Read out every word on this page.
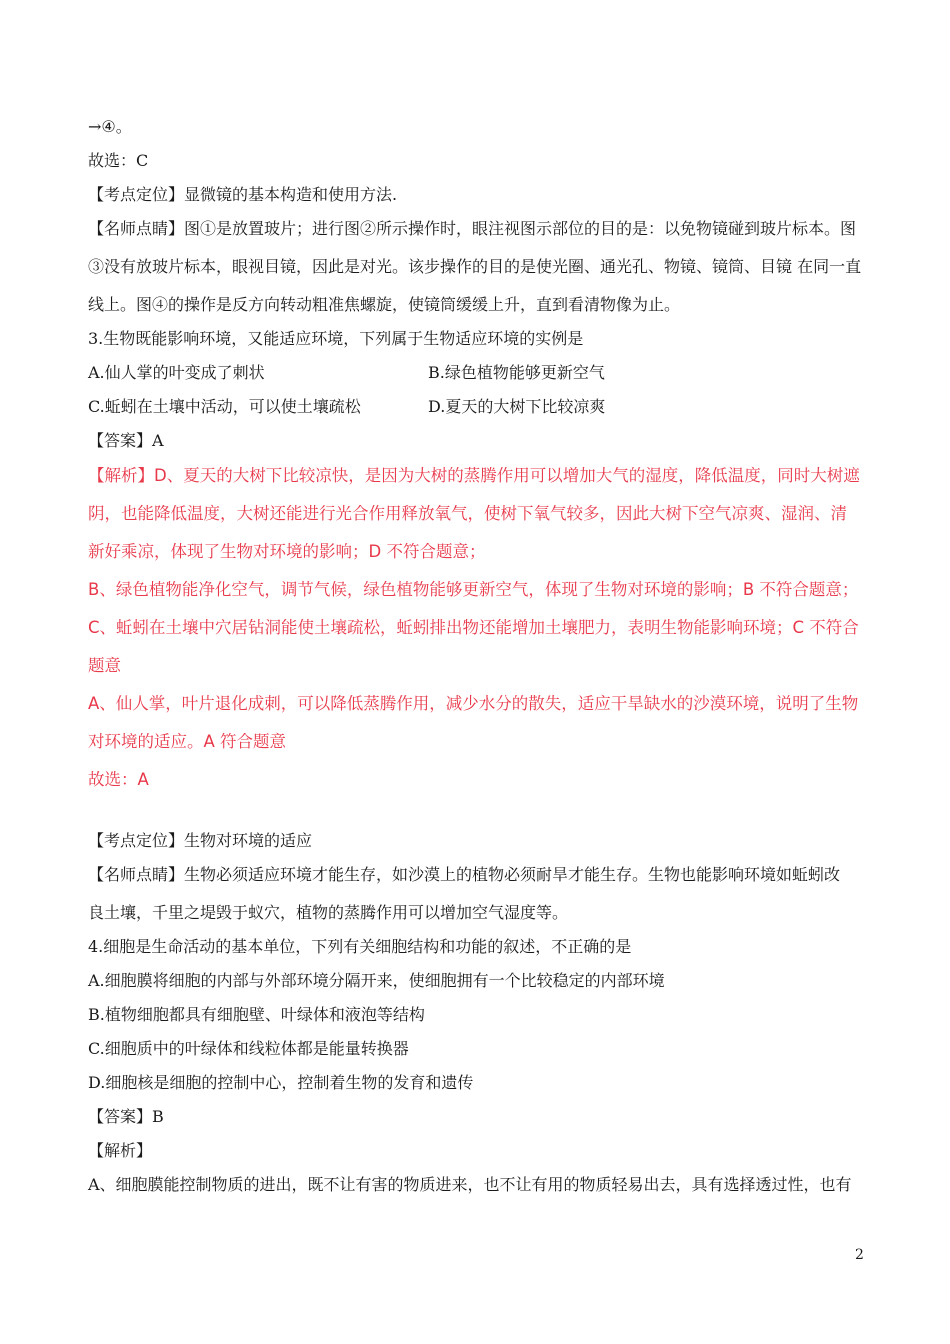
→④。
故选：C
【考点定位】显微镜的基本构造和使用方法.
【名师点睛】图①是放置玻片；进行图②所示操作时，眼注视图示部位的目的是：以免物镜碰到玻片标本。图
③没有放玻片标本，眼视目镜，因此是对光。该步操作的目的是使光圈、通光孔、物镜、镜筒、目镜 在同一直
线上。图④的操作是反方向转动粗准焦螺旋，使镜筒缓缓上升，直到看清物像为止。
3.生物既能影响环境，又能适应环境，下列属于生物适应环境的实例是
A.仙人掌的叶变成了刺状	B.绿色植物能够更新空气
C.蚯蚓在土壤中活动，可以使土壤疏松	D.夏天的大树下比较凉爽
【答案】A
【解析】D、夏天的大树下比较凉快，是因为大树的蒸腾作用可以增加大气的湿度，降低温度，同时大树遮
阴，也能降低温度，大树还能进行光合作用释放氧气，使树下氧气较多，因此大树下空气凉爽、湿润、清
新好乘凉，体现了生物对环境的影响；D 不符合题意；
B、绿色植物能净化空气，调节气候，绿色植物能够更新空气，体现了生物对环境的影响；B 不符合题意；
C、蚯蚓在土壤中穴居钻洞能使土壤疏松，蚯蚓排出物还能增加土壤肥力，表明生物能影响环境；C 不符合
题意
A、仙人掌，叶片退化成刺，可以降低蒸腾作用，减少水分的散失，适应干旱缺水的沙漠环境，说明了生物
对环境的适应。A 符合题意
故选：A
【考点定位】生物对环境的适应
【名师点睛】生物必须适应环境才能生存，如沙漠上的植物必须耐旱才能生存。生物也能影响环境如蚯蚓改
良土壤，千里之堤毁于蚁穴，植物的蒸腾作用可以增加空气湿度等。
4.细胞是生命活动的基本单位，下列有关细胞结构和功能的叙述，不正确的是
A.细胞膜将细胞的内部与外部环境分隔开来，使细胞拥有一个比较稳定的内部环境
B.植物细胞都具有细胞壁、叶绿体和液泡等结构
C.细胞质中的叶绿体和线粒体都是能量转换器
D.细胞核是细胞的控制中心，控制着生物的发育和遗传
【答案】B
【解析】
A、细胞膜能控制物质的进出，既不让有害的物质进来，也不让有用的物质轻易出去，具有选择透过性，也有
2
